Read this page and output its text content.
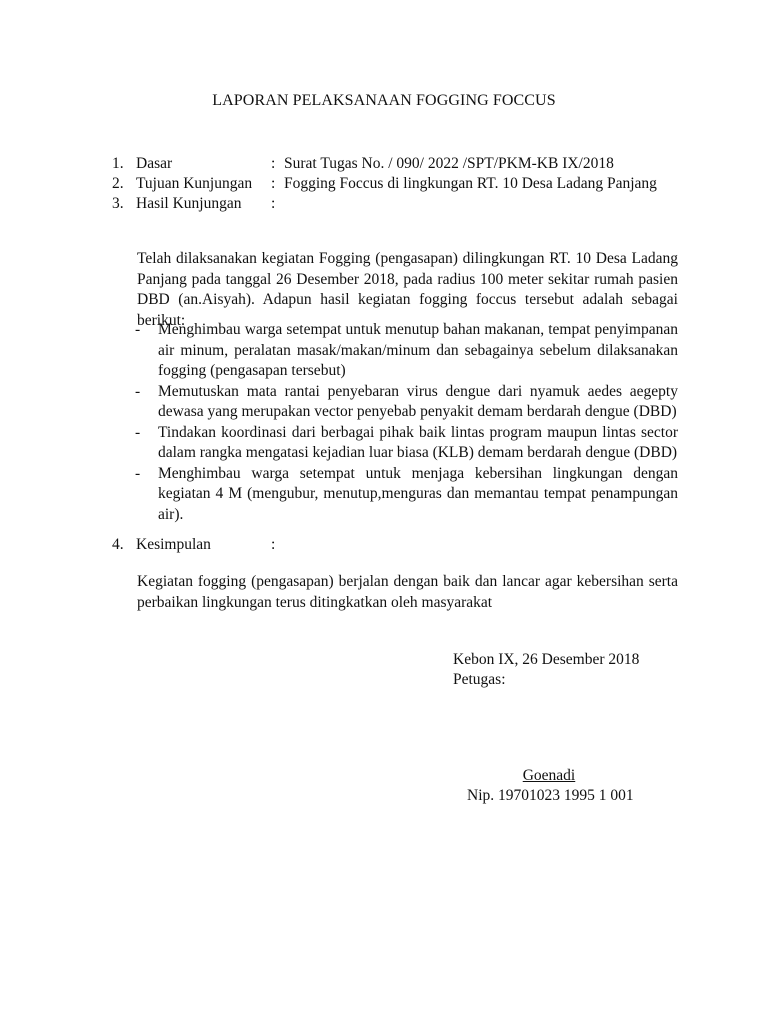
LAPORAN PELAKSANAAN FOGGING FOCCUS
1. Dasar	: Surat Tugas No. / 090/ 2022 /SPT/PKM-KB IX/2018
2. Tujuan Kunjungan : Fogging Foccus di lingkungan RT. 10 Desa Ladang Panjang
3. Hasil Kunjungan :
Telah dilaksanakan kegiatan Fogging (pengasapan) dilingkungan RT. 10 Desa Ladang Panjang pada tanggal 26 Desember 2018, pada radius 100 meter sekitar rumah pasien DBD (an.Aisyah). Adapun hasil kegiatan fogging foccus tersebut adalah sebagai berikut:
- Menghimbau warga setempat untuk menutup bahan makanan, tempat penyimpanan air minum, peralatan masak/makan/minum dan sebagainya sebelum dilaksanakan fogging (pengasapan tersebut)
- Memutuskan mata rantai penyebaran virus dengue dari nyamuk aedes aegepty dewasa yang merupakan vector penyebab penyakit demam berdarah dengue (DBD)
- Tindakan koordinasi dari berbagai pihak baik lintas program maupun lintas sector dalam rangka mengatasi kejadian luar biasa (KLB) demam berdarah dengue (DBD)
- Menghimbau warga setempat untuk menjaga kebersihan lingkungan dengan kegiatan 4 M (mengubur, menutup,menguras dan memantau tempat penampungan air).
4. Kesimpulan	:
Kegiatan fogging (pengasapan) berjalan dengan baik dan lancar agar kebersihan serta perbaikan lingkungan terus ditingkatkan oleh masyarakat
Kebon IX, 26 Desember 2018
Petugas:
Goenadi
Nip. 19701023 1995 1 001
